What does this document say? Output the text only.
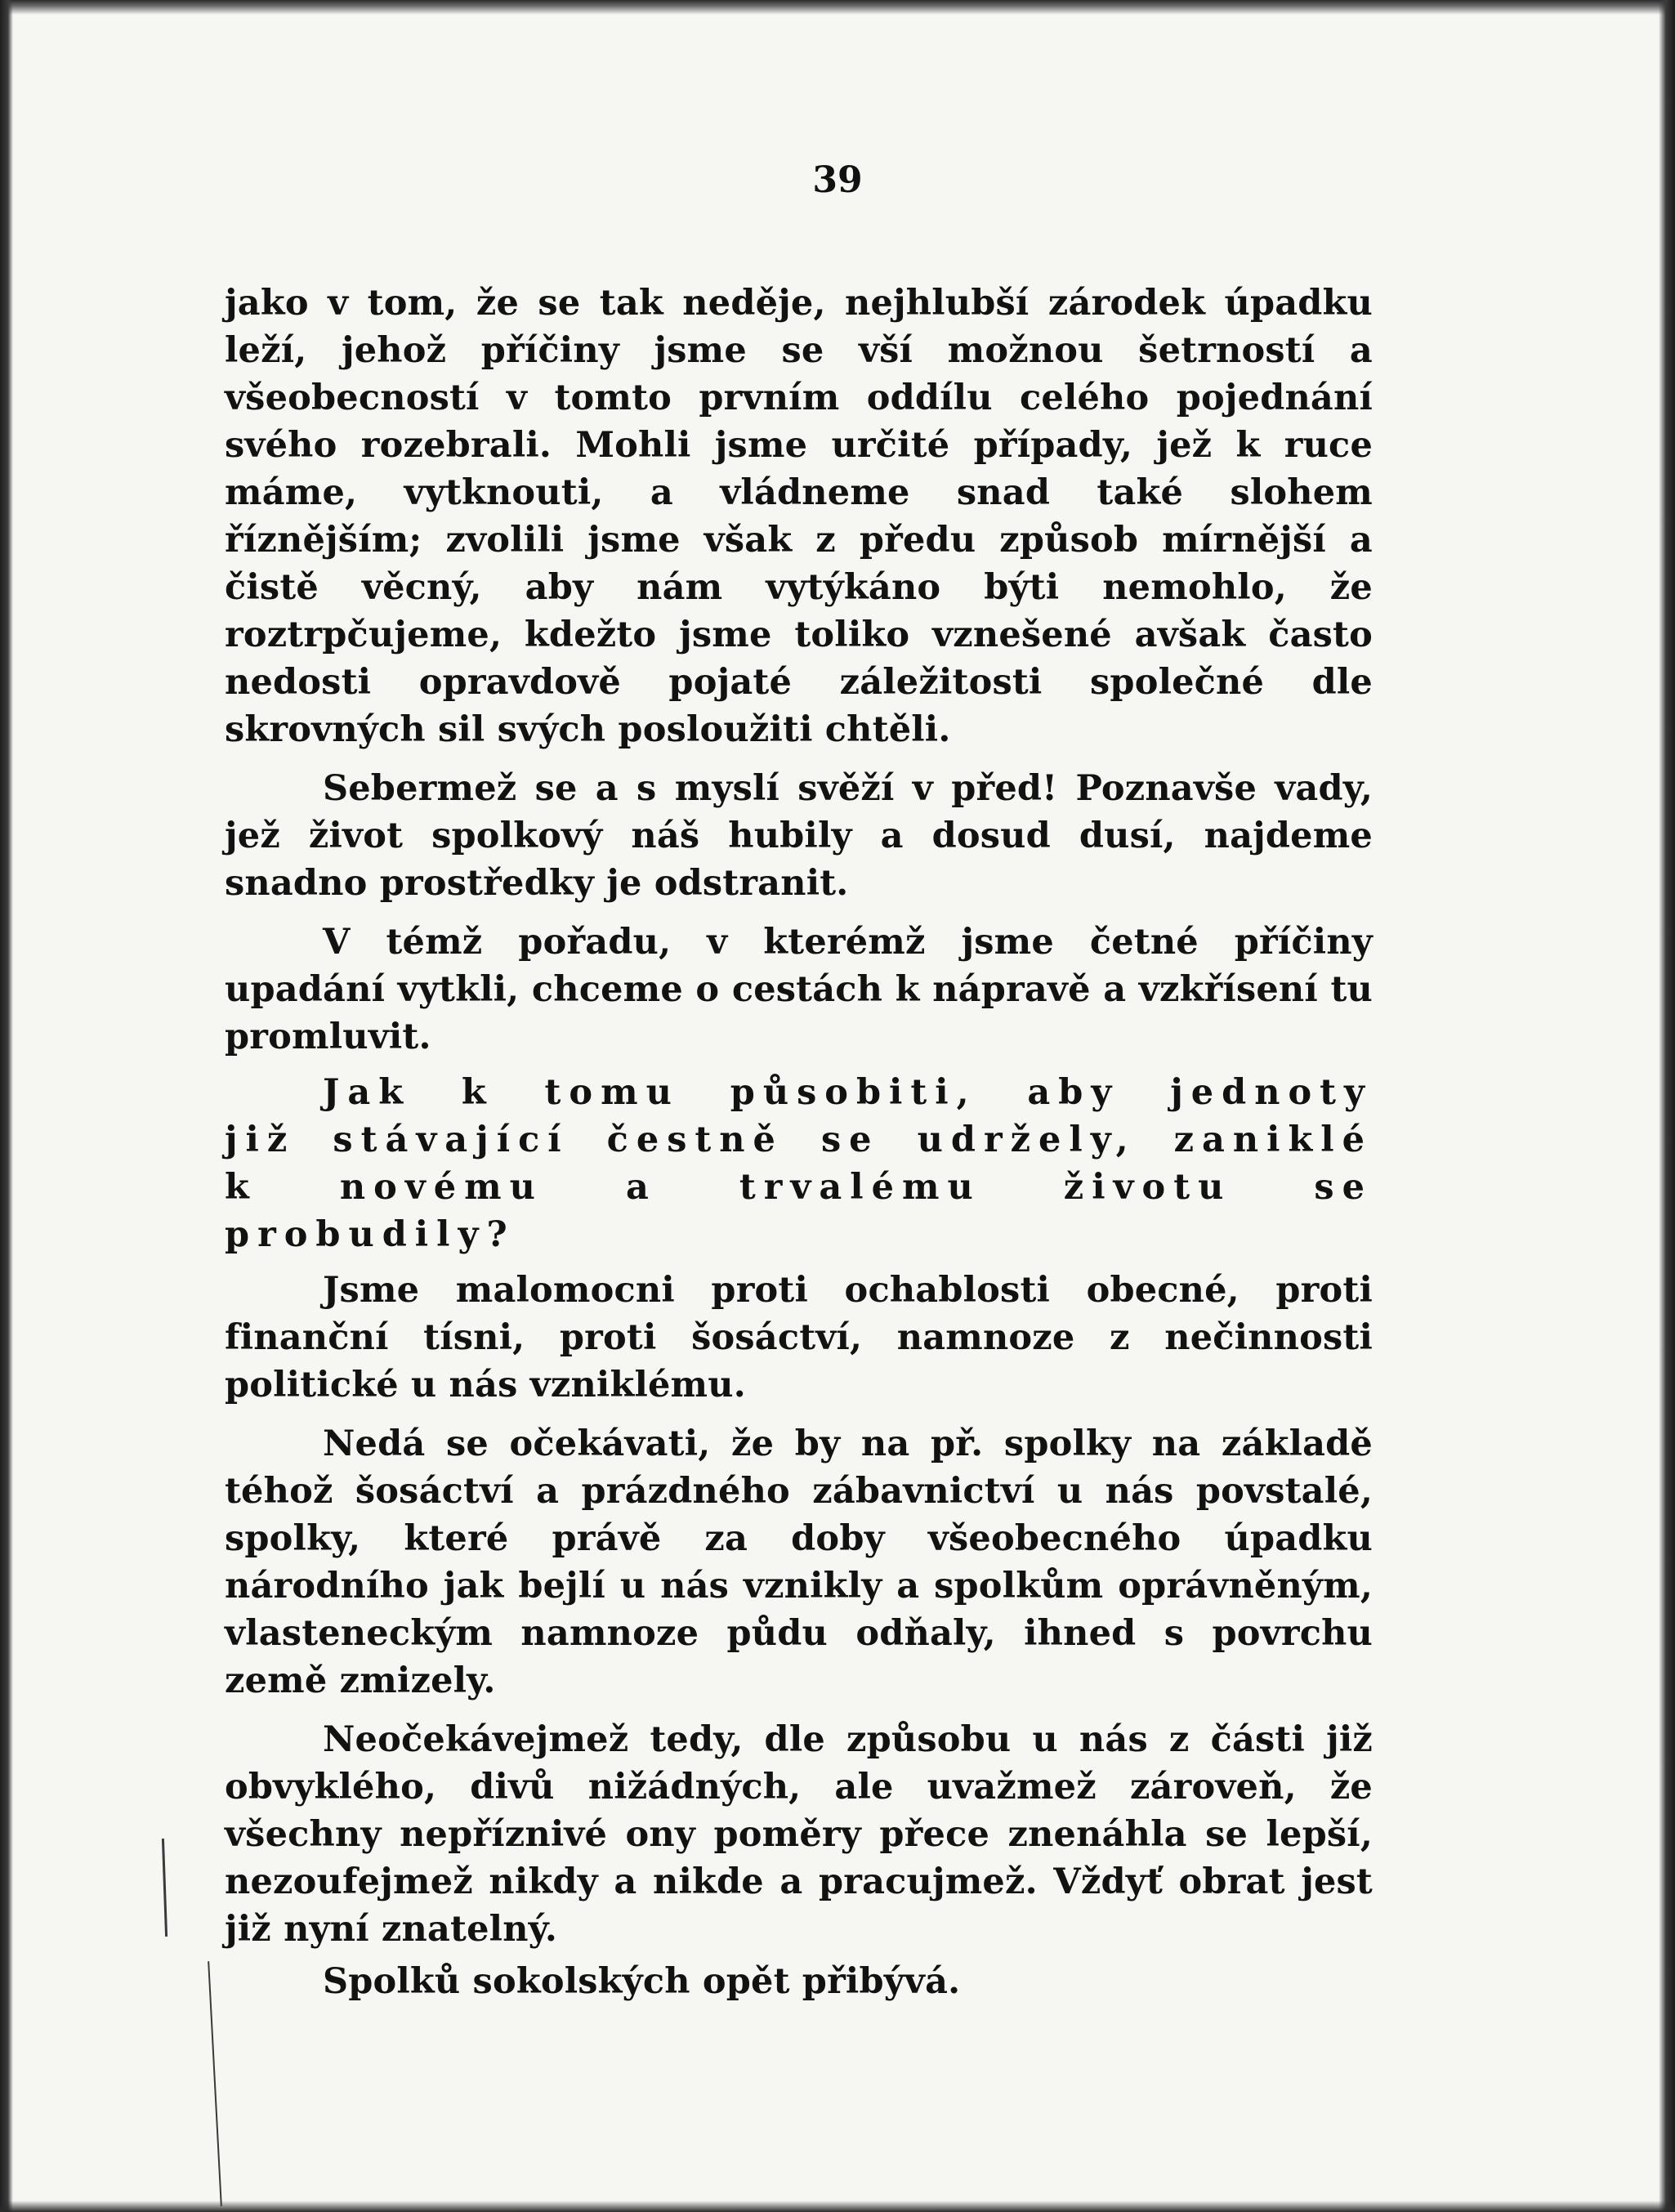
39

jako v tom, že se tak neděje, nejhlubší zárodek úpadku leží, jehož příčiny jsme se vší možnou šetrností a všeobecností v tomto prvním oddílu celého pojednání svého rozebrali. Mohli jsme určité případy, jež k ruce máme, vytknouti, a vládneme snad také slohem říznějším; zvolili jsme však z předu způsob mírnější a čistě věcný, aby nám vytýkáno býti nemohlo, že roztrpčujeme, kdežto jsme toliko vznešené avšak často nedosti opravdově pojaté záležitosti společné dle skrovných sil svých posloužiti chtěli.

Sebermež se a s myslí svěží v před! Poznavše vady, jež život spolkový náš hubily a dosud dusí, najdeme snadno prostředky je odstranit.

V témž pořadu, v kterémž jsme četné příčiny upadání vytkli, chceme o cestách k nápravě a vzkřísení tu promluvit.

Jak k tomu působiti, aby jednoty již stávající čestně se udržely, zaniklé k novému a trvalému životu se probudily?

Jsme malomocni proti ochablosti obecné, proti finanční tísni, proti šosáctví, namnoze z nečinnosti politické u nás vzniklému.

Nedá se očekávati, že by na př. spolky na základě téhož šosáctví a prázdného zábavnictví u nás povstalé, spolky, které právě za doby všeobecného úpadku národního jak bejlí u nás vznikly a spolkům oprávněným, vlasteneckým namnoze půdu odňaly, ihned s povrchu země zmizely.

Neočekávejmež tedy, dle způsobu u nás z části již obvyklého, divů nižádných, ale uvažmež zároveň, že všechny nepříznivé ony poměry přece znenáhla se lepší, nezoufejmež nikdy a nikde a pracujmež. Vždyť obrat jest již nyní znatelný.

Spolků sokolských opět přibývá.
